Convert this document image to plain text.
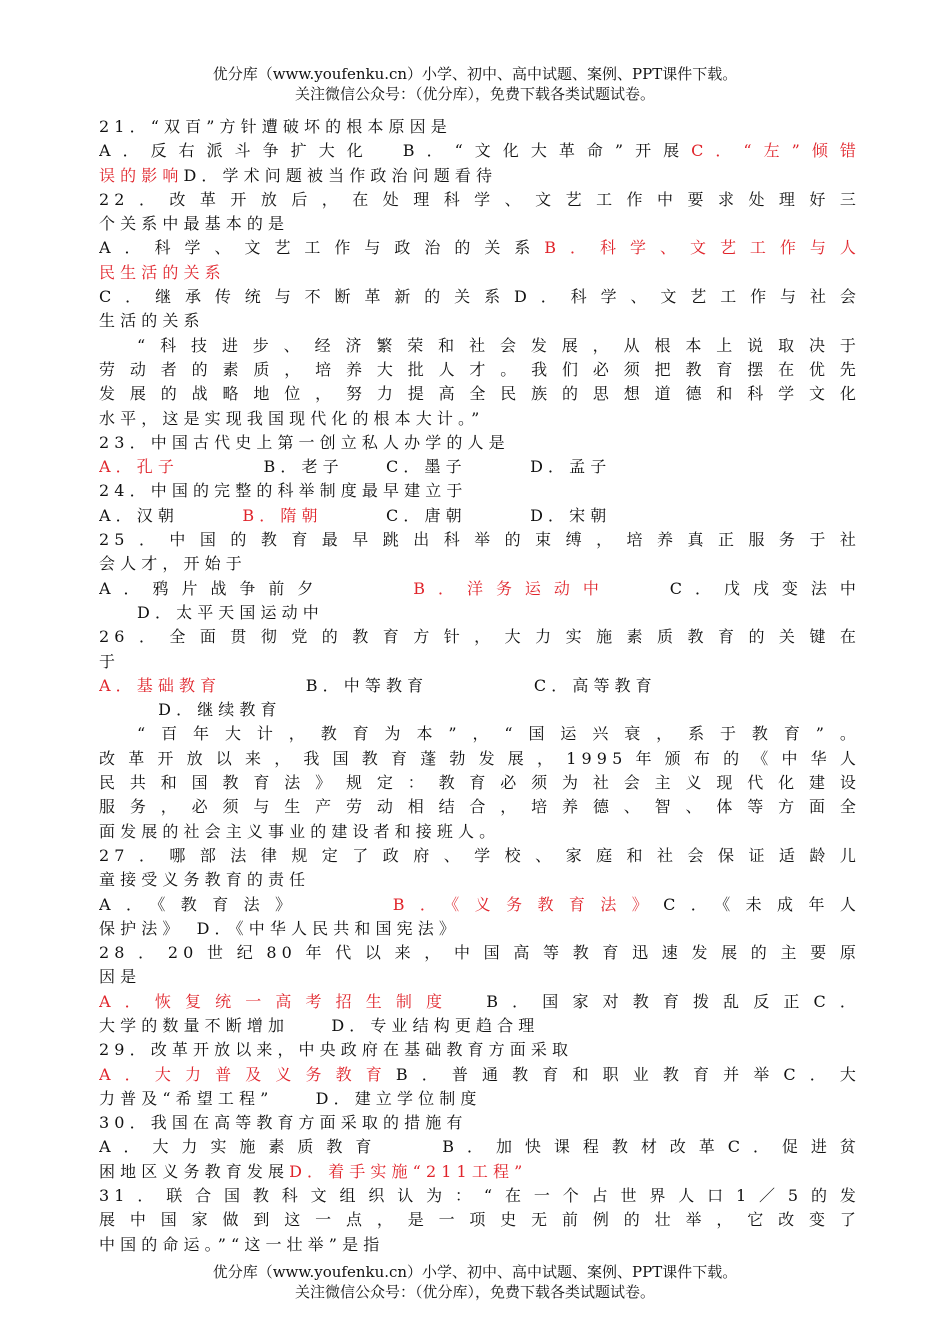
优分库（www.youfenku.cn）小学、初中、高中试题、案例、PPT课件下载。
关注微信公众号：（优分库），免费下载各类试题试卷。
21．“双百”方针遭破坏的根本原因是
A．反右派斗争扩大化　B．“文化大革命”开展C．“左”倾错
误的影响D．学术问题被当作政治问题看待
22．改革开放后，在处理科学、文艺工作中要求处理好三
个关系中最基本的是
A．科学、文艺工作与政治的关系B．科学、文艺工作与人
民生活的关系
C．继承传统与不断革新的关系D．科学、文艺工作与社会
生活的关系
“科技进步、经济繁荣和社会发展，从根本上说取决于
劳动者的素质，培养大批人才。我们必须把教育摆在优先
发展的战略地位，努力提高全民族的思想道德和科学文化
水平，这是实现我国现代化的根本大计。”
23．中国古代史上第一创立私人办学的人是
A．孔子　　　　B．老子　　C．墨子　　　D．孟子
24．中国的完整的科举制度最早建立于
A．汉朝　　　B．隋朝　　　C．唐朝　　　D．宋朝
25．中国的教育最早跳出科举的束缚，培养真正服务于社
会人才，开始于
A．鸦片战争前夕　　　B．洋务运动中　　C．戊戌变法中
D．太平天国运动中
26．全面贯彻党的教育方针，大力实施素质教育的关键在
于
A．基础教育　　　　B．中等教育　　　　　C．高等教育
　D．继续教育
“百年大计，教育为本”，“国运兴衰，系于教育”。
改革开放以来，我国教育蓬勃发展，1995年颁布的《中华人
民共和国教育法》规定：教育必须为社会主义现代化建设
服务，必须与生产劳动相结合，培养德、智、体等方面全
面发展的社会主义事业的建设者和接班人。
27．哪部法律规定了政府、学校、家庭和社会保证适龄儿
童接受义务教育的责任
A．《教育法》　　　B．《义务教育法》C．《未成年人
保护法》　D．《中华人民共和国宪法》
28．20世纪80年代以来，中国高等教育迅速发展的主要原
因是
A．恢复统一高考招生制度　B．国家对教育拨乱反正C．
大学的数量不断增加　　D．专业结构更趋合理
29．改革开放以来，中央政府在基础教育方面采取
A．大力普及义务教育B．普通教育和职业教育并举C．大
力普及“希望工程”　　D．建立学位制度
30．我国在高等教育方面采取的措施有
A．大力实施素质教育　　B．加快课程教材改革C．促进贫
困地区义务教育发展D．着手实施“211工程”
31．联合国教科文组织认为：“在一个占世界人口1／5的发
展中国家做到这一点，是一项史无前例的壮举，它改变了
中国的命运。”“这一壮举”是指
优分库（www.youfenku.cn）小学、初中、高中试题、案例、PPT课件下载。
关注微信公众号：（优分库），免费下载各类试题试卷。
